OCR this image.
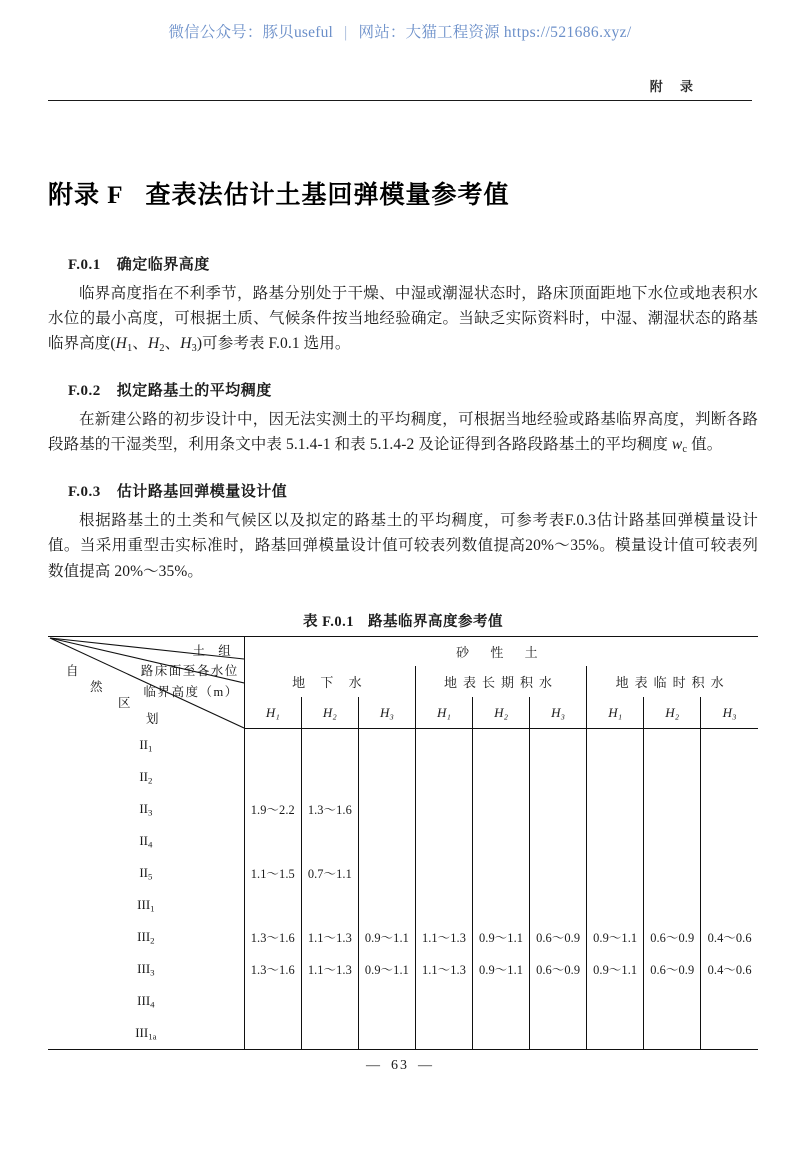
微信公众号：豚贝useful | 网站：大猫工程资源 https://521686.xyz/
附 录
附录 F 查表法估计土基回弹模量参考值
F.0.1 确定临界高度

临界高度指在不利季节，路基分别处于干燥、中湿或潮湿状态时，路床顶面距地下水位或地表积水水位的最小高度，可根据土质、气候条件按当地经验确定。当缺乏实际资料时，中湿、潮湿状态的路基临界高度($H_1$、$H_2$、$H_3$)可参考表 F.0.1 选用。

F.0.2 拟定路基土的平均稠度

在新建公路的初步设计中，因无法实测土的平均稠度，可根据当地经验或路基临界高度，判断各路段路基的干湿类型，利用条文中表 5.1.4-1 和表 5.1.4-2 及论证得到各路段路基土的平均稠度 $w_c$ 值。

F.0.3 估计路基回弹模量设计值

根据路基土的土类和气候区以及拟定的路基土的平均稠度，可参考表F.0.3估计路基回弹模量设计值。当采用重型击实标准时，路基回弹模量设计值可较表列数值提高20%～35%。模量设计值可较表列数值提高 20%～35%。

表 F.0.1 路基临界高度参考值
土 组
路床面至各水位
临界高度（m）
自
然
区
划
	砂 性 土
	地 下 水			地表长期积水			地表临时积水		
	H₁	H₂	H₃	H₁	H₂	H₃	H₁	H₂	H₃
$II_1$									
$II_2$									
$II_3$	1.9～2.2	1.3～1.6							
$II_4$									
$II_5$	1.1～1.5	0.7～1.1							
$III_1$									
$III_2$	1.3～1.6	1.1～1.3	0.9～1.1	1.1～1.3	0.9～1.1	0.6～0.9	0.9～1.1	0.6～0.9	0.4～0.6
$III_3$	1.3～1.6	1.1～1.3	0.9～1.1	1.1～1.3	0.9～1.1	0.6～0.9	0.9～1.1	0.6～0.9	0.4～0.6
$III_4$									
$III_{1a}$									
— 63 —
